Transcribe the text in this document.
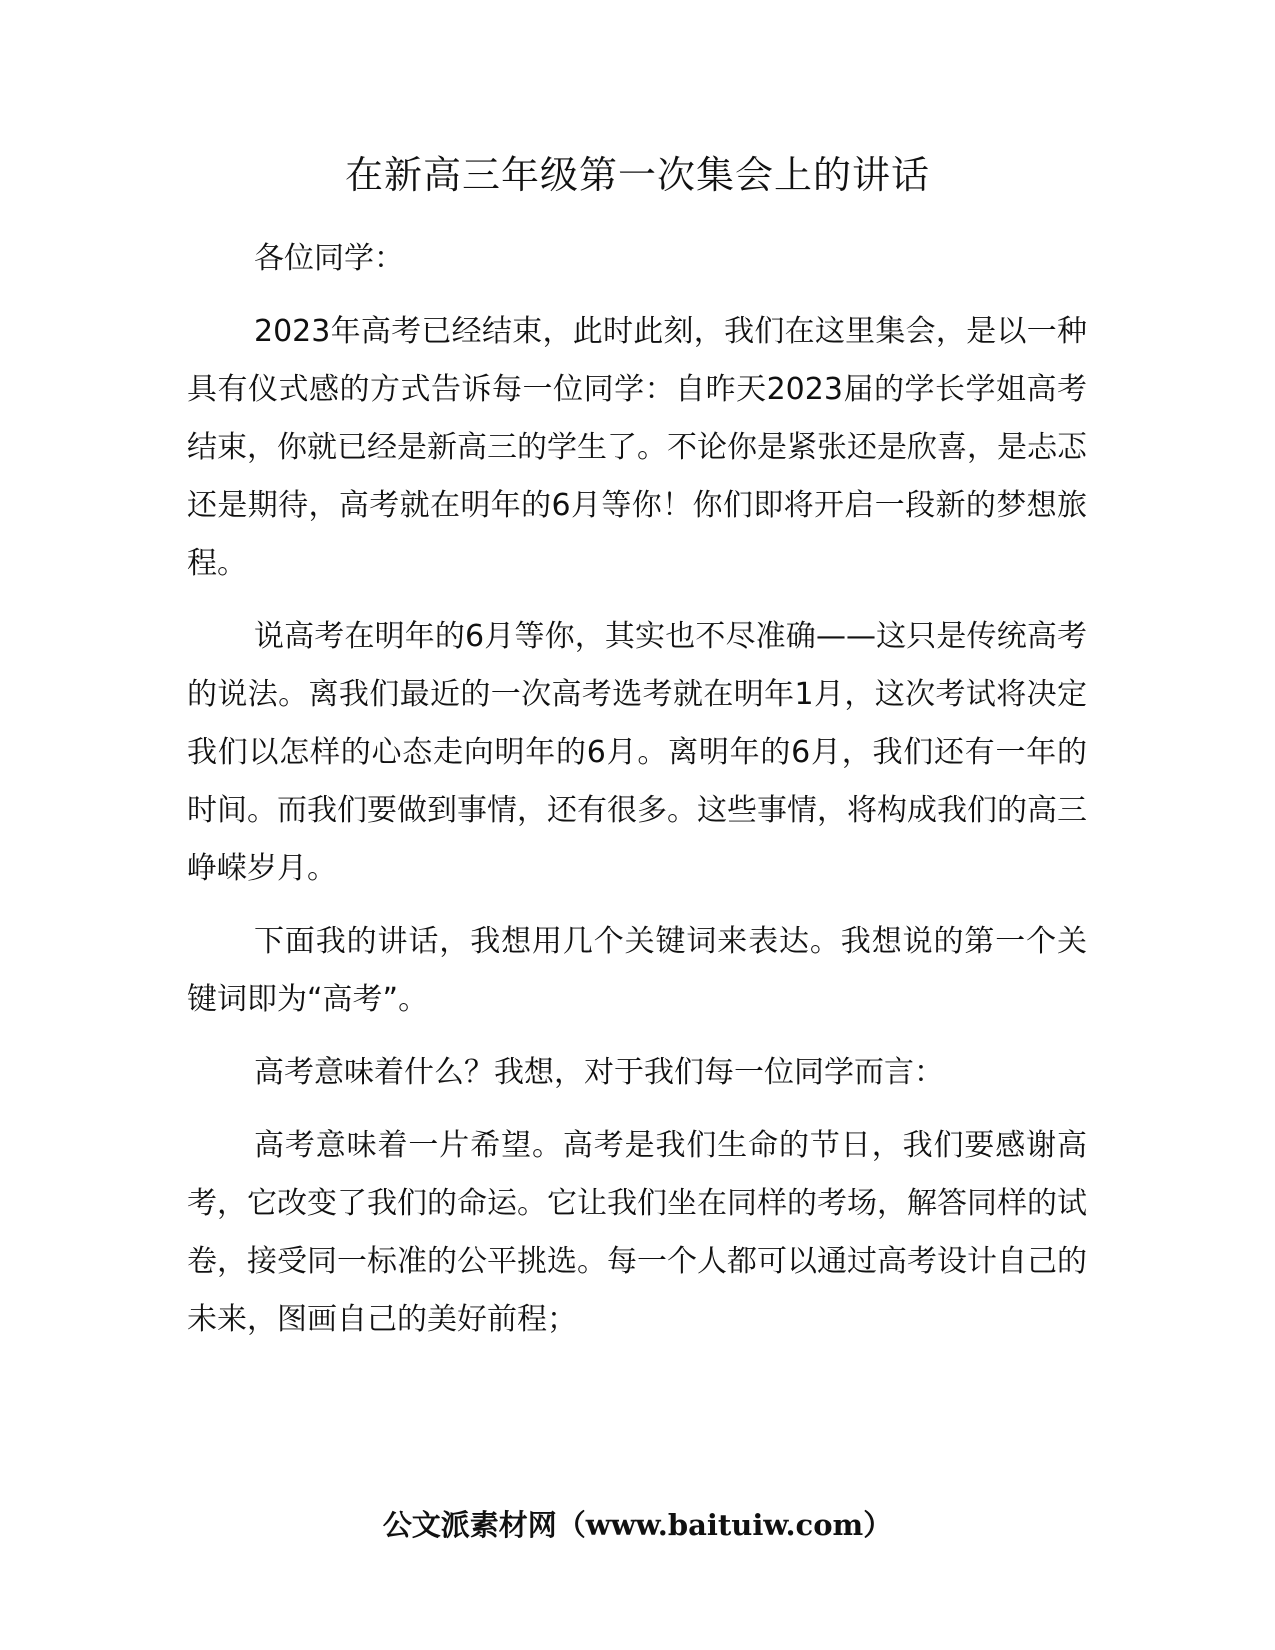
在新高三年级第一次集会上的讲话

各位同学：

2023年高考已经结束，此时此刻，我们在这里集会，是以一种具有仪式感的方式告诉每一位同学：自昨天2023届的学长学姐高考结束，你就已经是新高三的学生了。不论你是紧张还是欣喜，是忐忑还是期待，高考就在明年的6月等你！你们即将开启一段新的梦想旅程。

说高考在明年的6月等你，其实也不尽准确——这只是传统高考的说法。离我们最近的一次高考选考就在明年1月，这次考试将决定我们以怎样的心态走向明年的6月。离明年的6月，我们还有一年的时间。而我们要做到事情，还有很多。这些事情，将构成我们的高三峥嵘岁月。

下面我的讲话，我想用几个关键词来表达。我想说的第一个关键词即为“高考”。

高考意味着什么？我想，对于我们每一位同学而言：

高考意味着一片希望。高考是我们生命的节日，我们要感谢高考，它改变了我们的命运。它让我们坐在同样的考场，解答同样的试卷，接受同一标准的公平挑选。每一个人都可以通过高考设计自己的未来，图画自己的美好前程；

公文派素材网（www.baituiw.com）
